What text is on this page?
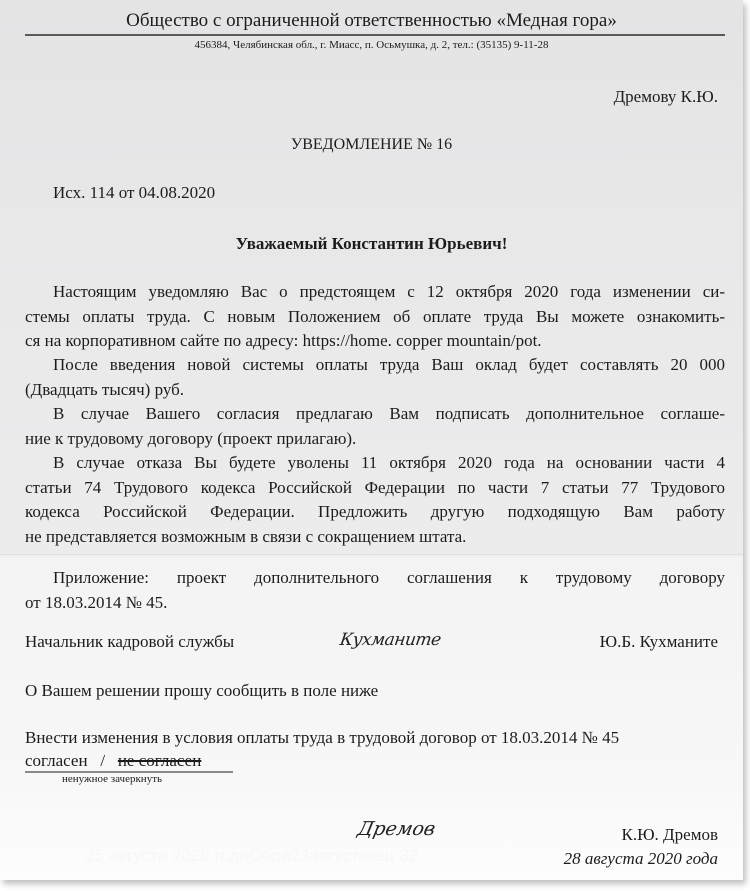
Общество с ограниченной ответственностью «Медная гора»
456384, Челябинская обл., г. Миасс, п. Осьмушка, д. 2, тел.: (35135) 9-11-28
Дремову К.Ю.
УВЕДОМЛЕНИЕ № 16
Исх. 114 от 04.08.2020
Уважаемый Константин Юрьевич!
Настоящим уведомляю Вас о предстоящем с 12 октября 2020 года изменении си-
стемы оплаты труда. С новым Положением об оплате труда Вы можете ознакомить-
ся на корпоративном сайте по адресу: https://home. copper mountain/pot.
После введения новой системы оплаты труда Ваш оклад будет составлять 20 000
(Двадцать тысяч) руб.
В случае Вашего согласия предлагаю Вам подписать дополнительное соглаше-
ние к трудовому договору (проект прилагаю).
В случае отказа Вы будете уволены 11 октября 2020 года на основании части 4
статьи 74 Трудового кодекса Российской Федерации по части 7 статьи 77 Трудового
кодекса Российской Федерации. Предложить другую подходящую Вам работу
не представляется возможным в связи с сокращением штата.
Приложение: проект дополнительного соглашения к трудовому договору
от 18.03.2014 № 45.
Начальник кадровой службы	Кухманите	Ю.Б. Кухманите
О Вашем решении прошу сообщить в поле ниже
Внести изменения в условия оплаты труда в трудовой договор от 18.03.2014 № 45
согласен / не согласен
ненужное зачеркнуть
25 августа 2020 годаОбра23августазец 32
Дремов	К.Ю. Дремов
28 августа 2020 года
